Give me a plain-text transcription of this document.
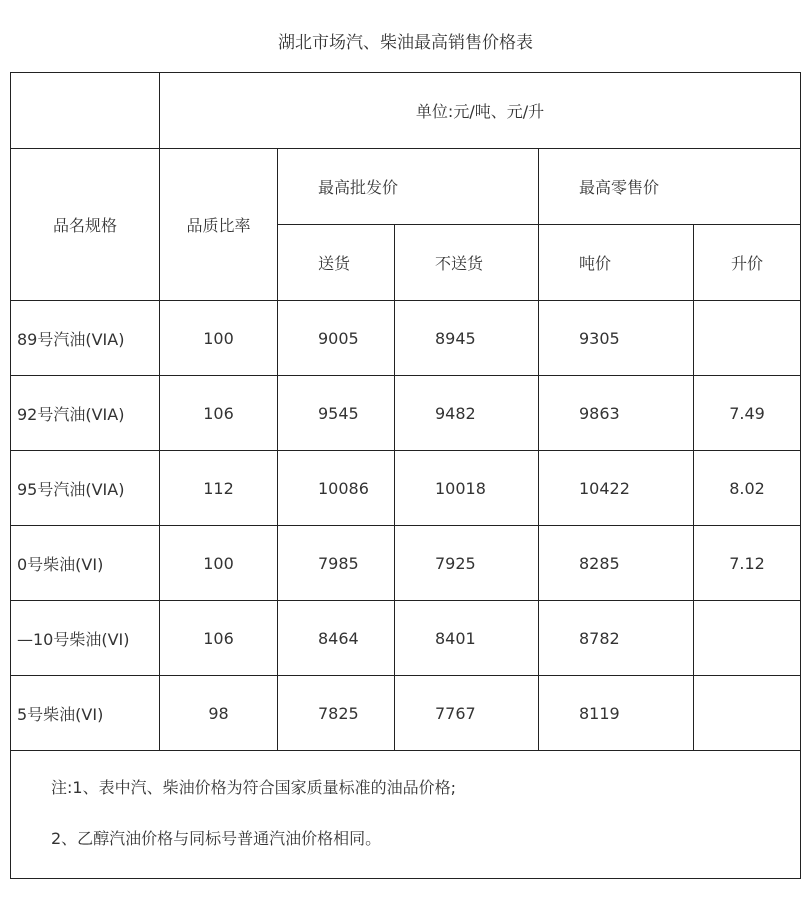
湖北市场汽、柴油最高销售价格表
	单位:元/吨、元/升				
品名规格	品质比率	最高批发价		最高零售价	
		送货	不送货	吨价	升价
89号汽油(VIA)	100	9005	8945	9305	
92号汽油(VIA)	106	9545	9482	9863	7.49
95号汽油(VIA)	112	10086	10018	10422	8.02
0号柴油(VI)	100	7985	7925	8285	7.12
—10号柴油(VI)	106	8464	8401	8782	
5号柴油(VI)	98	7825	7767	8119	

注:1、表中汽、柴油价格为符合国家质量标准的油品价格;

2、乙醇汽油价格与同标号普通汽油价格相同。					
